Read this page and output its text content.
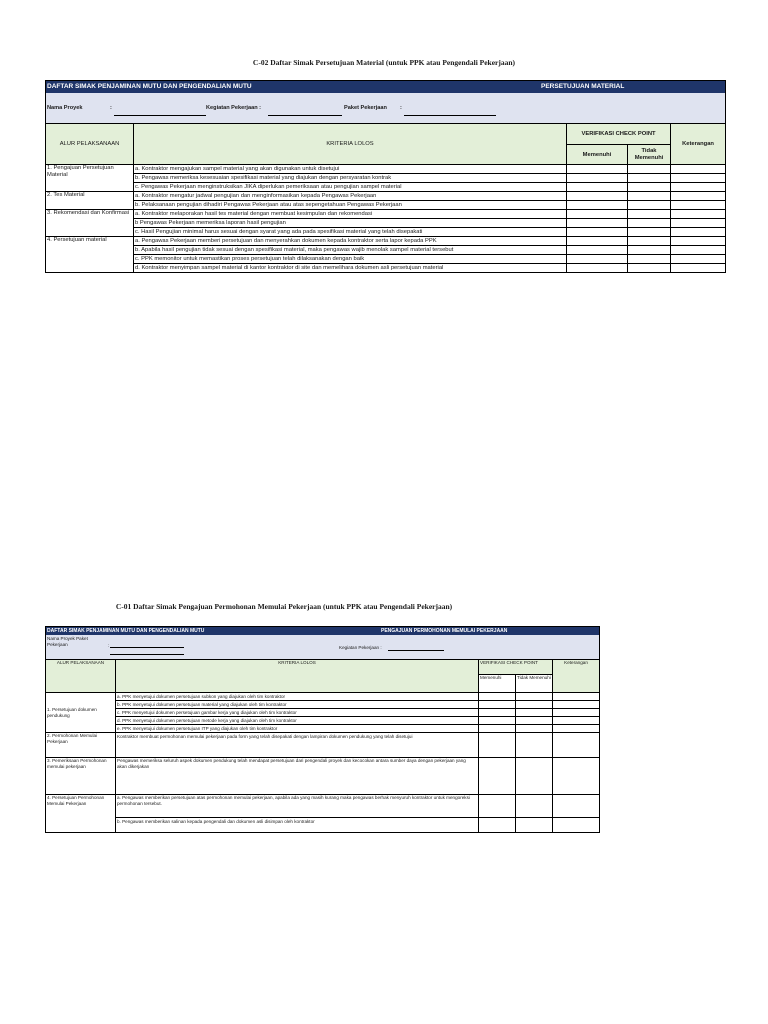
C-02 Daftar Simak Persetujuan Material (untuk PPK atau Pengendali Pekerjaan)
DAFTAR SIMAK PENJAMINAN MUTU DAN PENGENDALIAN MUTU				
Nama Proyek : Kegiatan Pekerjaan : Paket Pekerjaan :				

ALUR PELAKSANAAN	KRITERIA LOLOS	VERIFIKASI CHECK POINT		Keterangan
		Memenuhi	Tidak Memenuhi	
1. Pengajuan Persetujuan Material	a. Kontraktor mengajukan sampel material yang akan digunakan untuk disetujui			
	b. Pengawas memeriksa kesesuaian spesifikasi material yang diajukan dengan persyaratan kontrak			
	c. Pengawas Pekerjaan menginstruksikan JIKA diperlukan pemeriksaan atau pengujian sampel material			
2. Tes Material	a. Kontraktor mengatur jadwal pengujian dan menginformasikan kepada Pengawas Pekerjaan			
	b. Pelaksanaan pengujian dihadiri Pengawas Pekerjaan atau atas sepengetahuan Pengawas Pekerjaan			
3. Rekomendasi dan Konfirmasi	a. Kontraktor melaporakan hasil tes material dengan membuat kesimpulan dan rekomendasi			
	b Pengawas Pekerjaan memeriksa laporan hasil pengujian			
	c. Hasil Pengujian minimal harus sesuai dengan syarat yang ada pada spesifikasi material yang telah disepakati			
4. Persetujuan material	a. Pengawas Pekerjaan memberi persetujuan dan menyerahkan dokumen kepada kontraktor serta lapor kepada PPK			
	b. Apabila hasil pengujian tidak sesuai dengan spesifikasi material, maka pengawas wajib menolak sampel material tersebut			
	c. PPK memonitor untuk memastikan proses persetujuan telah dilaksanakan dengan baik			
	d. Kontraktor menyimpan sampel material di kantor kontraktor di site dan memelihara dokumen asli persetujuan material			
PERSETUJUAN MATERIAL
C-01 Daftar Simak Pengajuan Permohonan Memulai Pekerjaan (untuk PPK atau Pengendali Pekerjaan)
DAFTAR SIMAK PENJAMINAN MUTU DAN PENGENDALIAN MUTU PENGAJUAN PERMOHONAN MEMULAI PEKERJAAN				

Nama Proyek Paket Pekerjaan : Kegiatan Pekerjaan :				

ALUR PELAKSANAAN	KRITERIA LOLOS	VERIFIKASI CHECK POINT		Keterangan
		Memenuhi	Tidak Memenuhi	
1. Persetujuan dokumen pendukung	a. PPK menyetujui dokumen persetujuan subkon yang diajukan oleh tim kontraktor			
	b. PPK menyetujui dokumen persetujuan material yang diajukan oleh tim kontraktor			
	c. PPK menyetujui dokumen persetujuan gambar kerja yang diajukan oleh tim kontraktor			
	d. PPK menyetujui dokumen persetujuan metode kerja yang diajukan oleh tim kontraktor			
	e. PPK menyetujui dokumen persetujuan ITP yang diajukan oleh tim kontraktor			
2. Permohonan Memulai Pekerjaan	Kontraktor membuat permohonan memulai pekerjaan pada form yang telah disepakati dengan lampiran dokumen pendukung yang telah disetujui			
3. Pemeriksaan Permohonan memulai pekerjaan	Pengawas memeriksa seluruh aspek dokumen pendukung telah mendapat persetujuan dari pengendali proyek dan kecocokan antara sumber daya dengan pekerjaan yang akan dikerjakan			
4. Persetujuan Permohonan Memulai Pekerjaan	a. Pengawas memberikan persetujuan atas permohonan memulai pekerjaan, apabila ada yang masih kurang maka pengawas berhak menyuruh kontraktor untuk mengoreksi permohonan tersebut.			
	b. Pengawas memberikan salinan kepada pengendali dan dokumen asli disimpan oleh kontraktor			
